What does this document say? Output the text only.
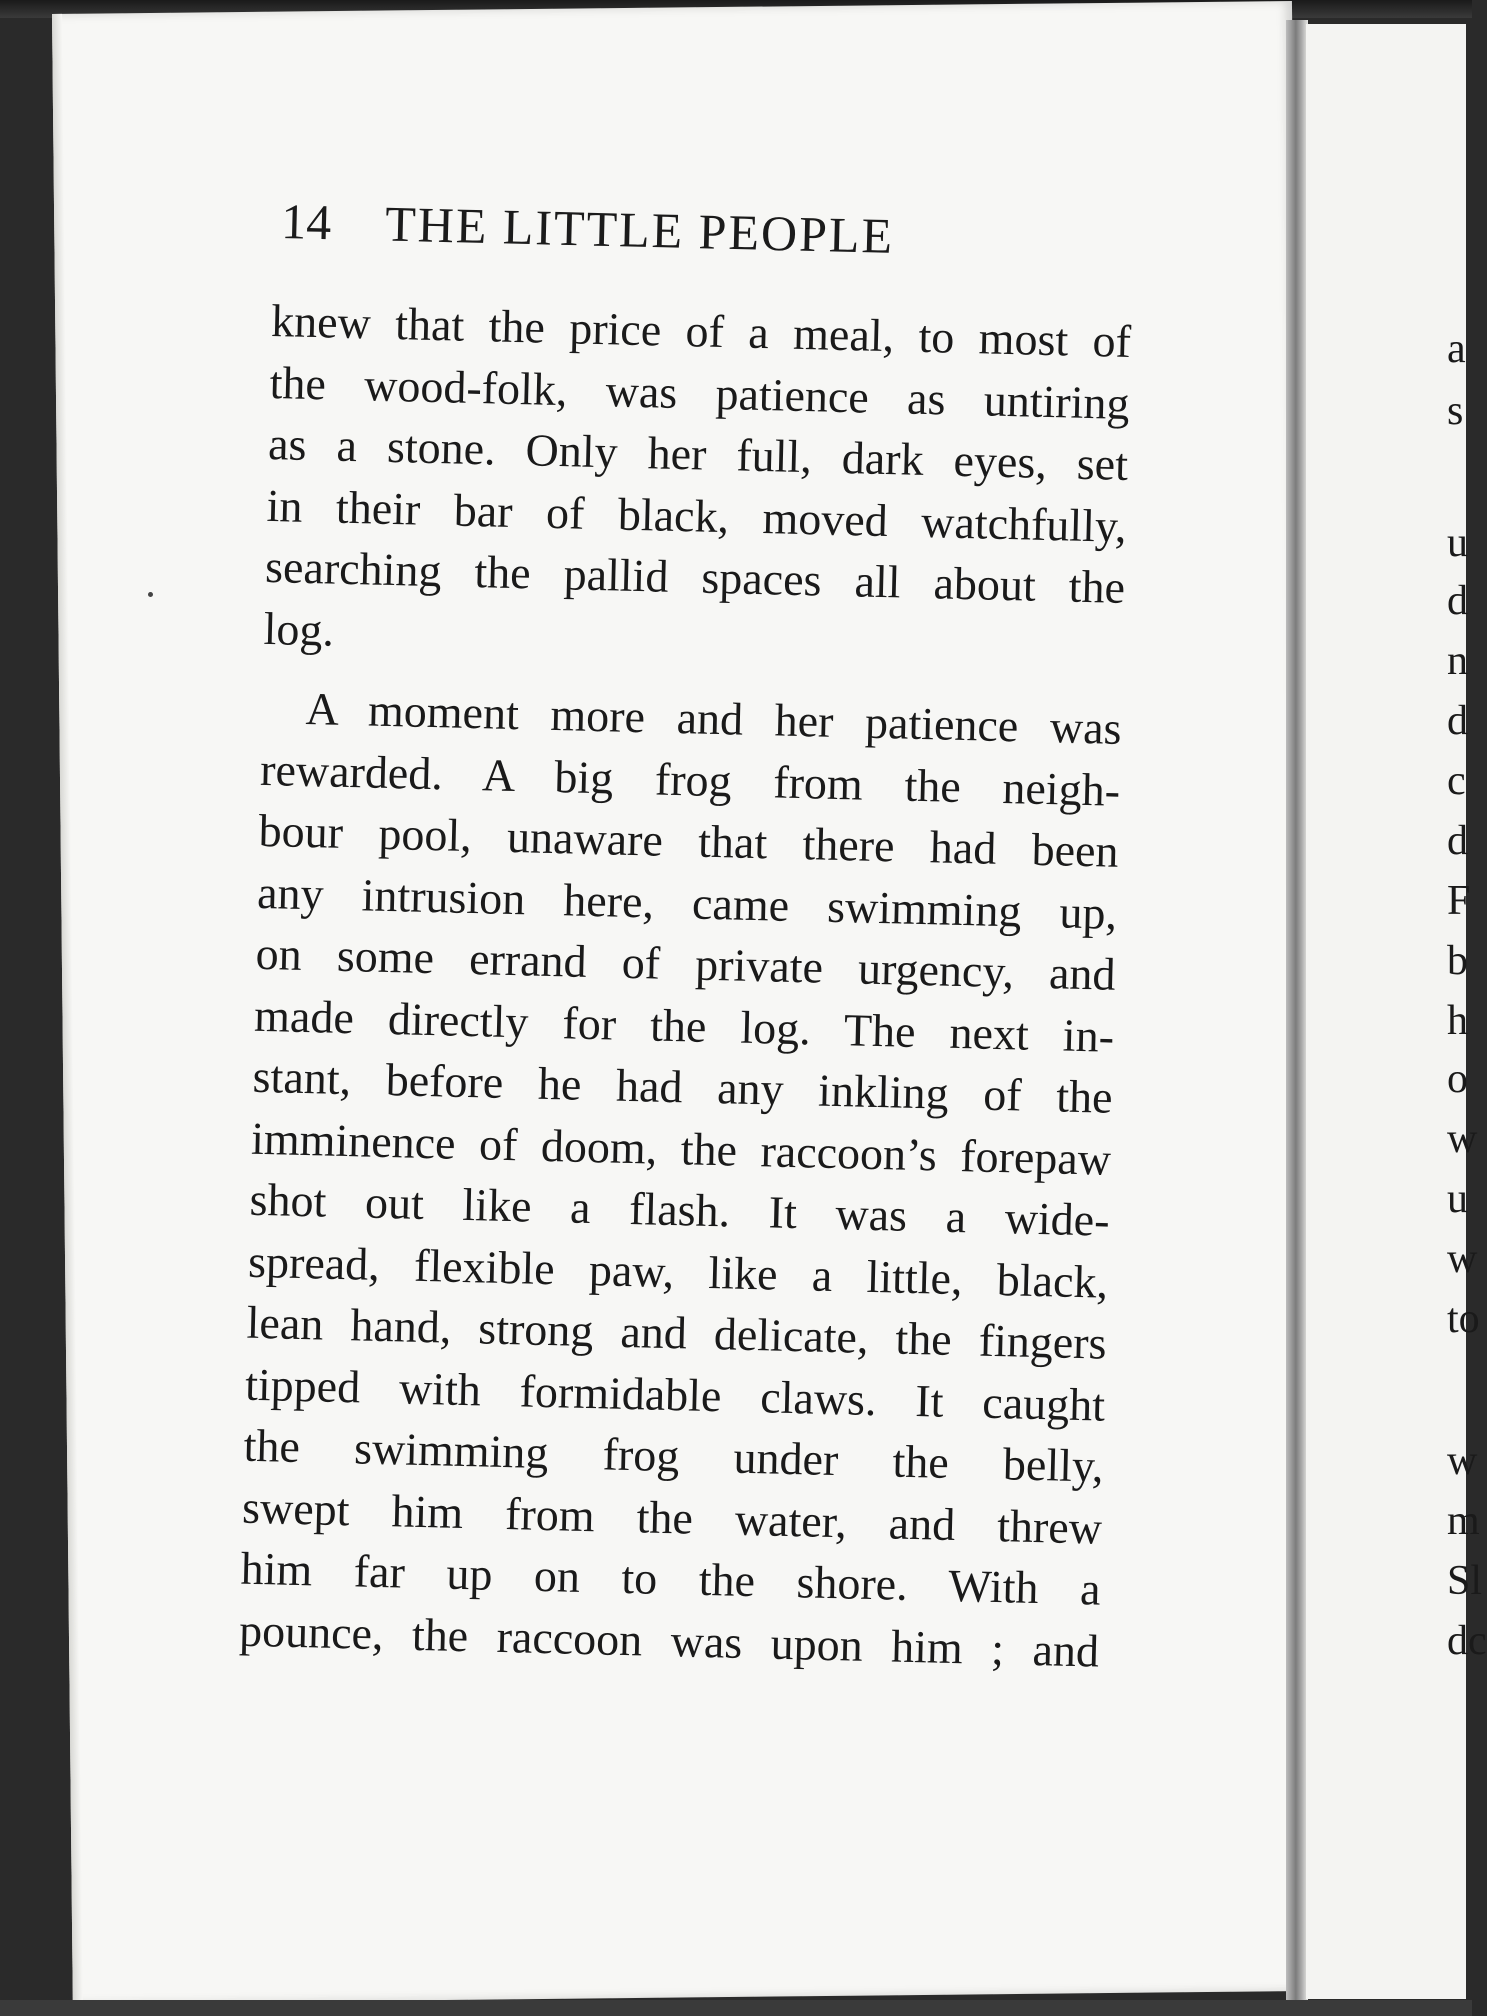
14 THE LITTLE PEOPLE
knew that the price of a meal, to most of
the wood-folk, was patience as untiring
as a stone. Only her full, dark eyes, set
in their bar of black, moved watchfully,
searching the pallid spaces all about the
log.
A moment more and her patience was
rewarded. A big frog from the neigh-
bour pool, unaware that there had been
any intrusion here, came swimming up,
on some errand of private urgency, and
made directly for the log. The next in-
stant, before he had any inkling of the
imminence of doom, the raccoon’s forepaw
shot out like a flash. It was a wide-
spread, flexible paw, like a little, black,
lean hand, strong and delicate, the fingers
tipped with formidable claws. It caught
the swimming frog under the belly,
swept him from the water, and threw
him far up on to the shore. With a
pounce, the raccoon was upon him ; and
a
s
u
d
n
d
c
d
F
b
h
o
w
u
w
to
w
m
Sl
dc
